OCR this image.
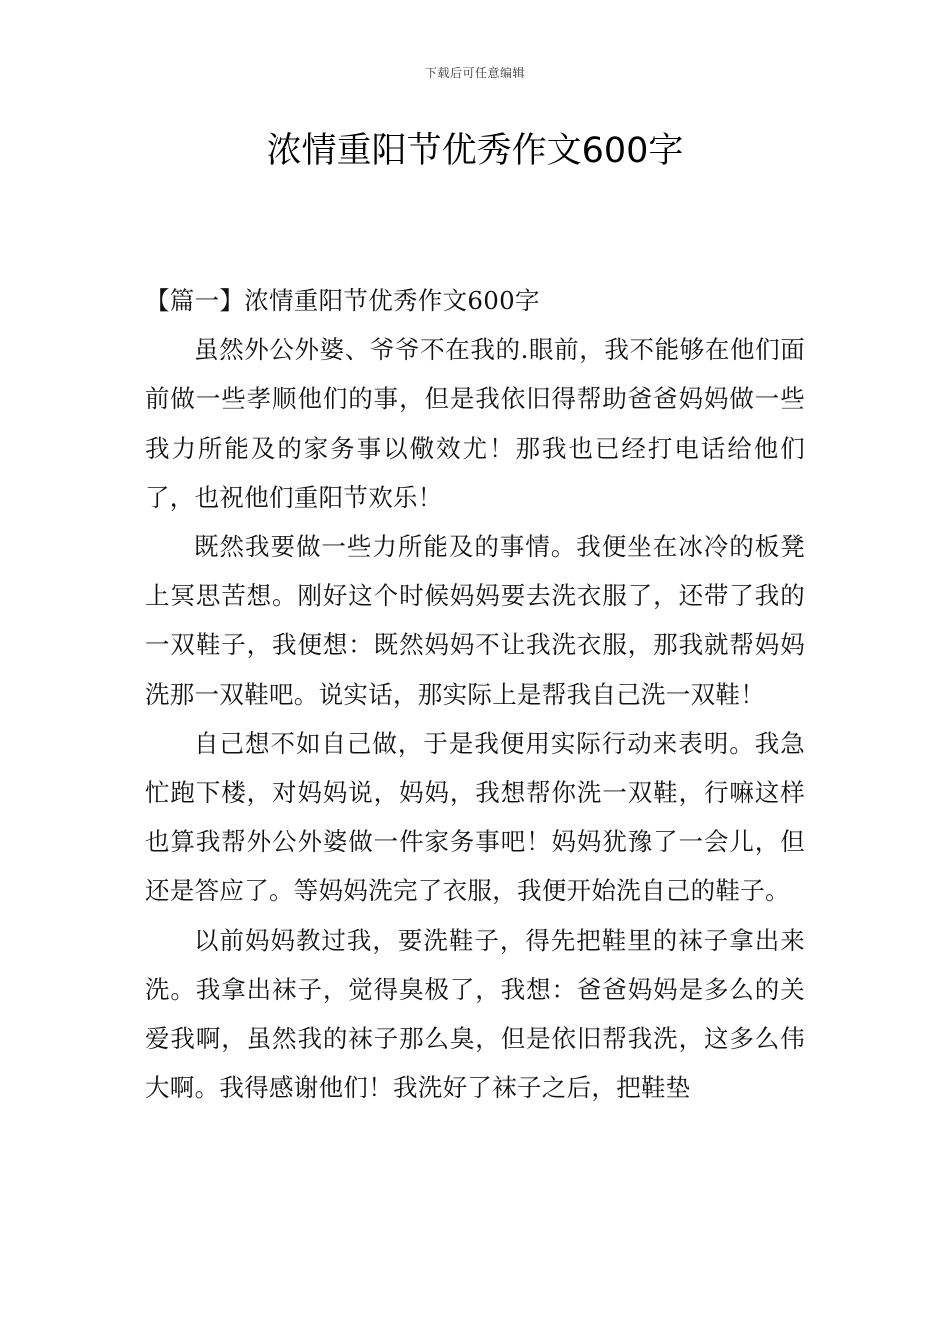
下载后可任意编辑
浓情重阳节优秀作文600字

【篇一】浓情重阳节优秀作文600字

虽然外公外婆、爷爷不在我的.眼前，我不能够在他们面前做一些孝顺他们的事，但是我依旧得帮助爸爸妈妈做一些我力所能及的家务事以儆效尤！那我也已经打电话给他们了，也祝他们重阳节欢乐！

既然我要做一些力所能及的事情。我便坐在冰冷的板凳上冥思苦想。刚好这个时候妈妈要去洗衣服了，还带了我的一双鞋子，我便想：既然妈妈不让我洗衣服，那我就帮妈妈洗那一双鞋吧。说实话，那实际上是帮我自己洗一双鞋！

自己想不如自己做，于是我便用实际行动来表明。我急忙跑下楼，对妈妈说，妈妈，我想帮你洗一双鞋，行嘛这样也算我帮外公外婆做一件家务事吧！妈妈犹豫了一会儿，但还是答应了。等妈妈洗完了衣服，我便开始洗自己的鞋子。

以前妈妈教过我，要洗鞋子，得先把鞋里的袜子拿出来洗。我拿出袜子，觉得臭极了，我想：爸爸妈妈是多么的关爱我啊，虽然我的袜子那么臭，但是依旧帮我洗，这多么伟大啊。我得感谢他们！我洗好了袜子之后，把鞋垫
